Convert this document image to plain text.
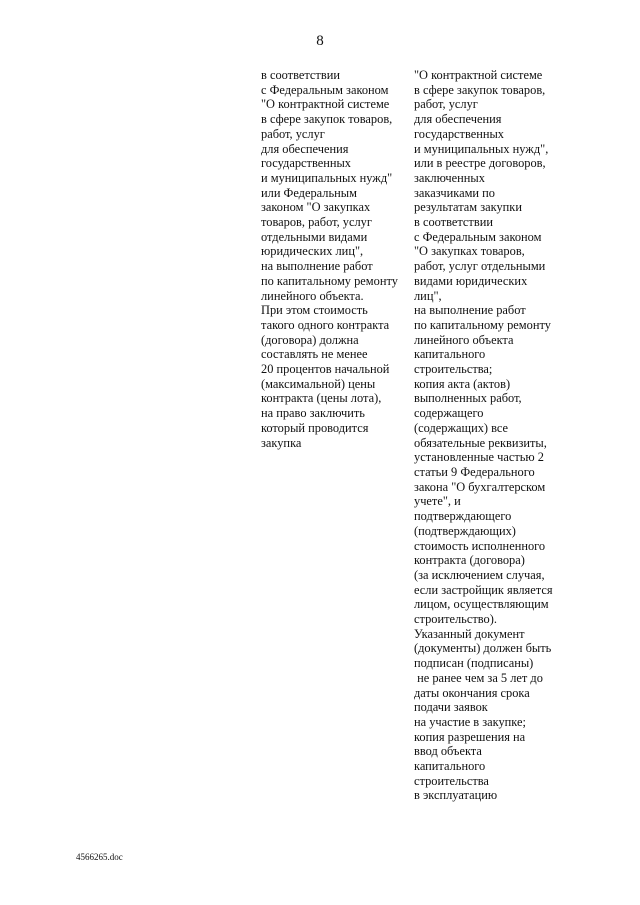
8
в соответствии
с Федеральным законом
"О контрактной системе
в сфере закупок товаров,
работ, услуг
для обеспечения
государственных
и муниципальных нужд"
или Федеральным
законом "О закупках
товаров, работ, услуг
отдельными видами
юридических лиц",
на выполнение работ
по капитальному ремонту
линейного объекта.
При этом стоимость
такого одного контракта
(договора) должна
составлять не менее
20 процентов начальной
(максимальной) цены
контракта (цены лота),
на право заключить
который проводится
закупка
"О контрактной системе
в сфере закупок товаров,
работ, услуг
для обеспечения
государственных
и муниципальных нужд",
или в реестре договоров,
заключенных
заказчиками по
результатам закупки
в соответствии
с Федеральным законом
"О закупках товаров,
работ, услуг отдельными
видами юридических
лиц",
на выполнение работ
по капитальному ремонту
линейного объекта
капитального
строительства;
копия акта (актов)
выполненных работ,
содержащего
(содержащих) все
обязательные реквизиты,
установленные частью 2
статьи 9 Федерального
закона "О бухгалтерском
учете", и
подтверждающего
(подтверждающих)
стоимость исполненного
контракта (договора)
(за исключением случая,
если застройщик является
лицом, осуществляющим
строительство).
Указанный документ
(документы) должен быть
подписан (подписаны)
не ранее чем за 5 лет до
даты окончания срока
подачи заявок
на участие в закупке;
копия разрешения на
ввод объекта
капитального
строительства
в эксплуатацию
4566265.doc
